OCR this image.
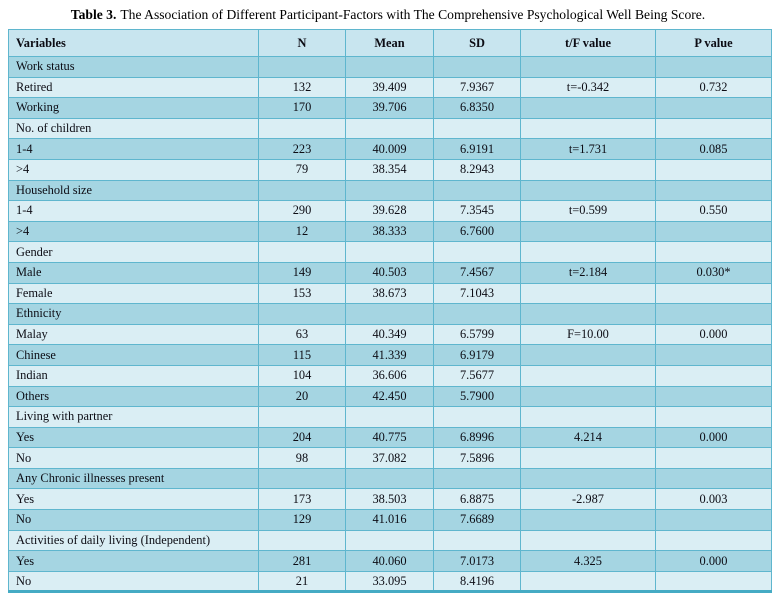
Table 3. The Association of Different Participant-Factors with The Comprehensive Psychological Well Being Score.

Variables	N	Mean	SD	t/F value	P value
Work status					
Retired	132	39.409	7.9367	t=-0.342	0.732
Working	170	39.706	6.8350		
No. of children					
1-4	223	40.009	6.9191	t=1.731	0.085
>4	79	38.354	8.2943		
Household size					
1-4	290	39.628	7.3545	t=0.599	0.550
>4	12	38.333	6.7600		
Gender					
Male	149	40.503	7.4567	t=2.184	0.030*
Female	153	38.673	7.1043		
Ethnicity					
Malay	63	40.349	6.5799	F=10.00	0.000
Chinese	115	41.339	6.9179		
Indian	104	36.606	7.5677		
Others	20	42.450	5.7900		
Living with partner					
Yes	204	40.775	6.8996	4.214	0.000
No	98	37.082	7.5896		
Any Chronic illnesses present					
Yes	173	38.503	6.8875	-2.987	0.003
No	129	41.016	7.6689		
Activities of daily living (Independent)					
Yes	281	40.060	7.0173	4.325	0.000
No	21	33.095	8.4196		
